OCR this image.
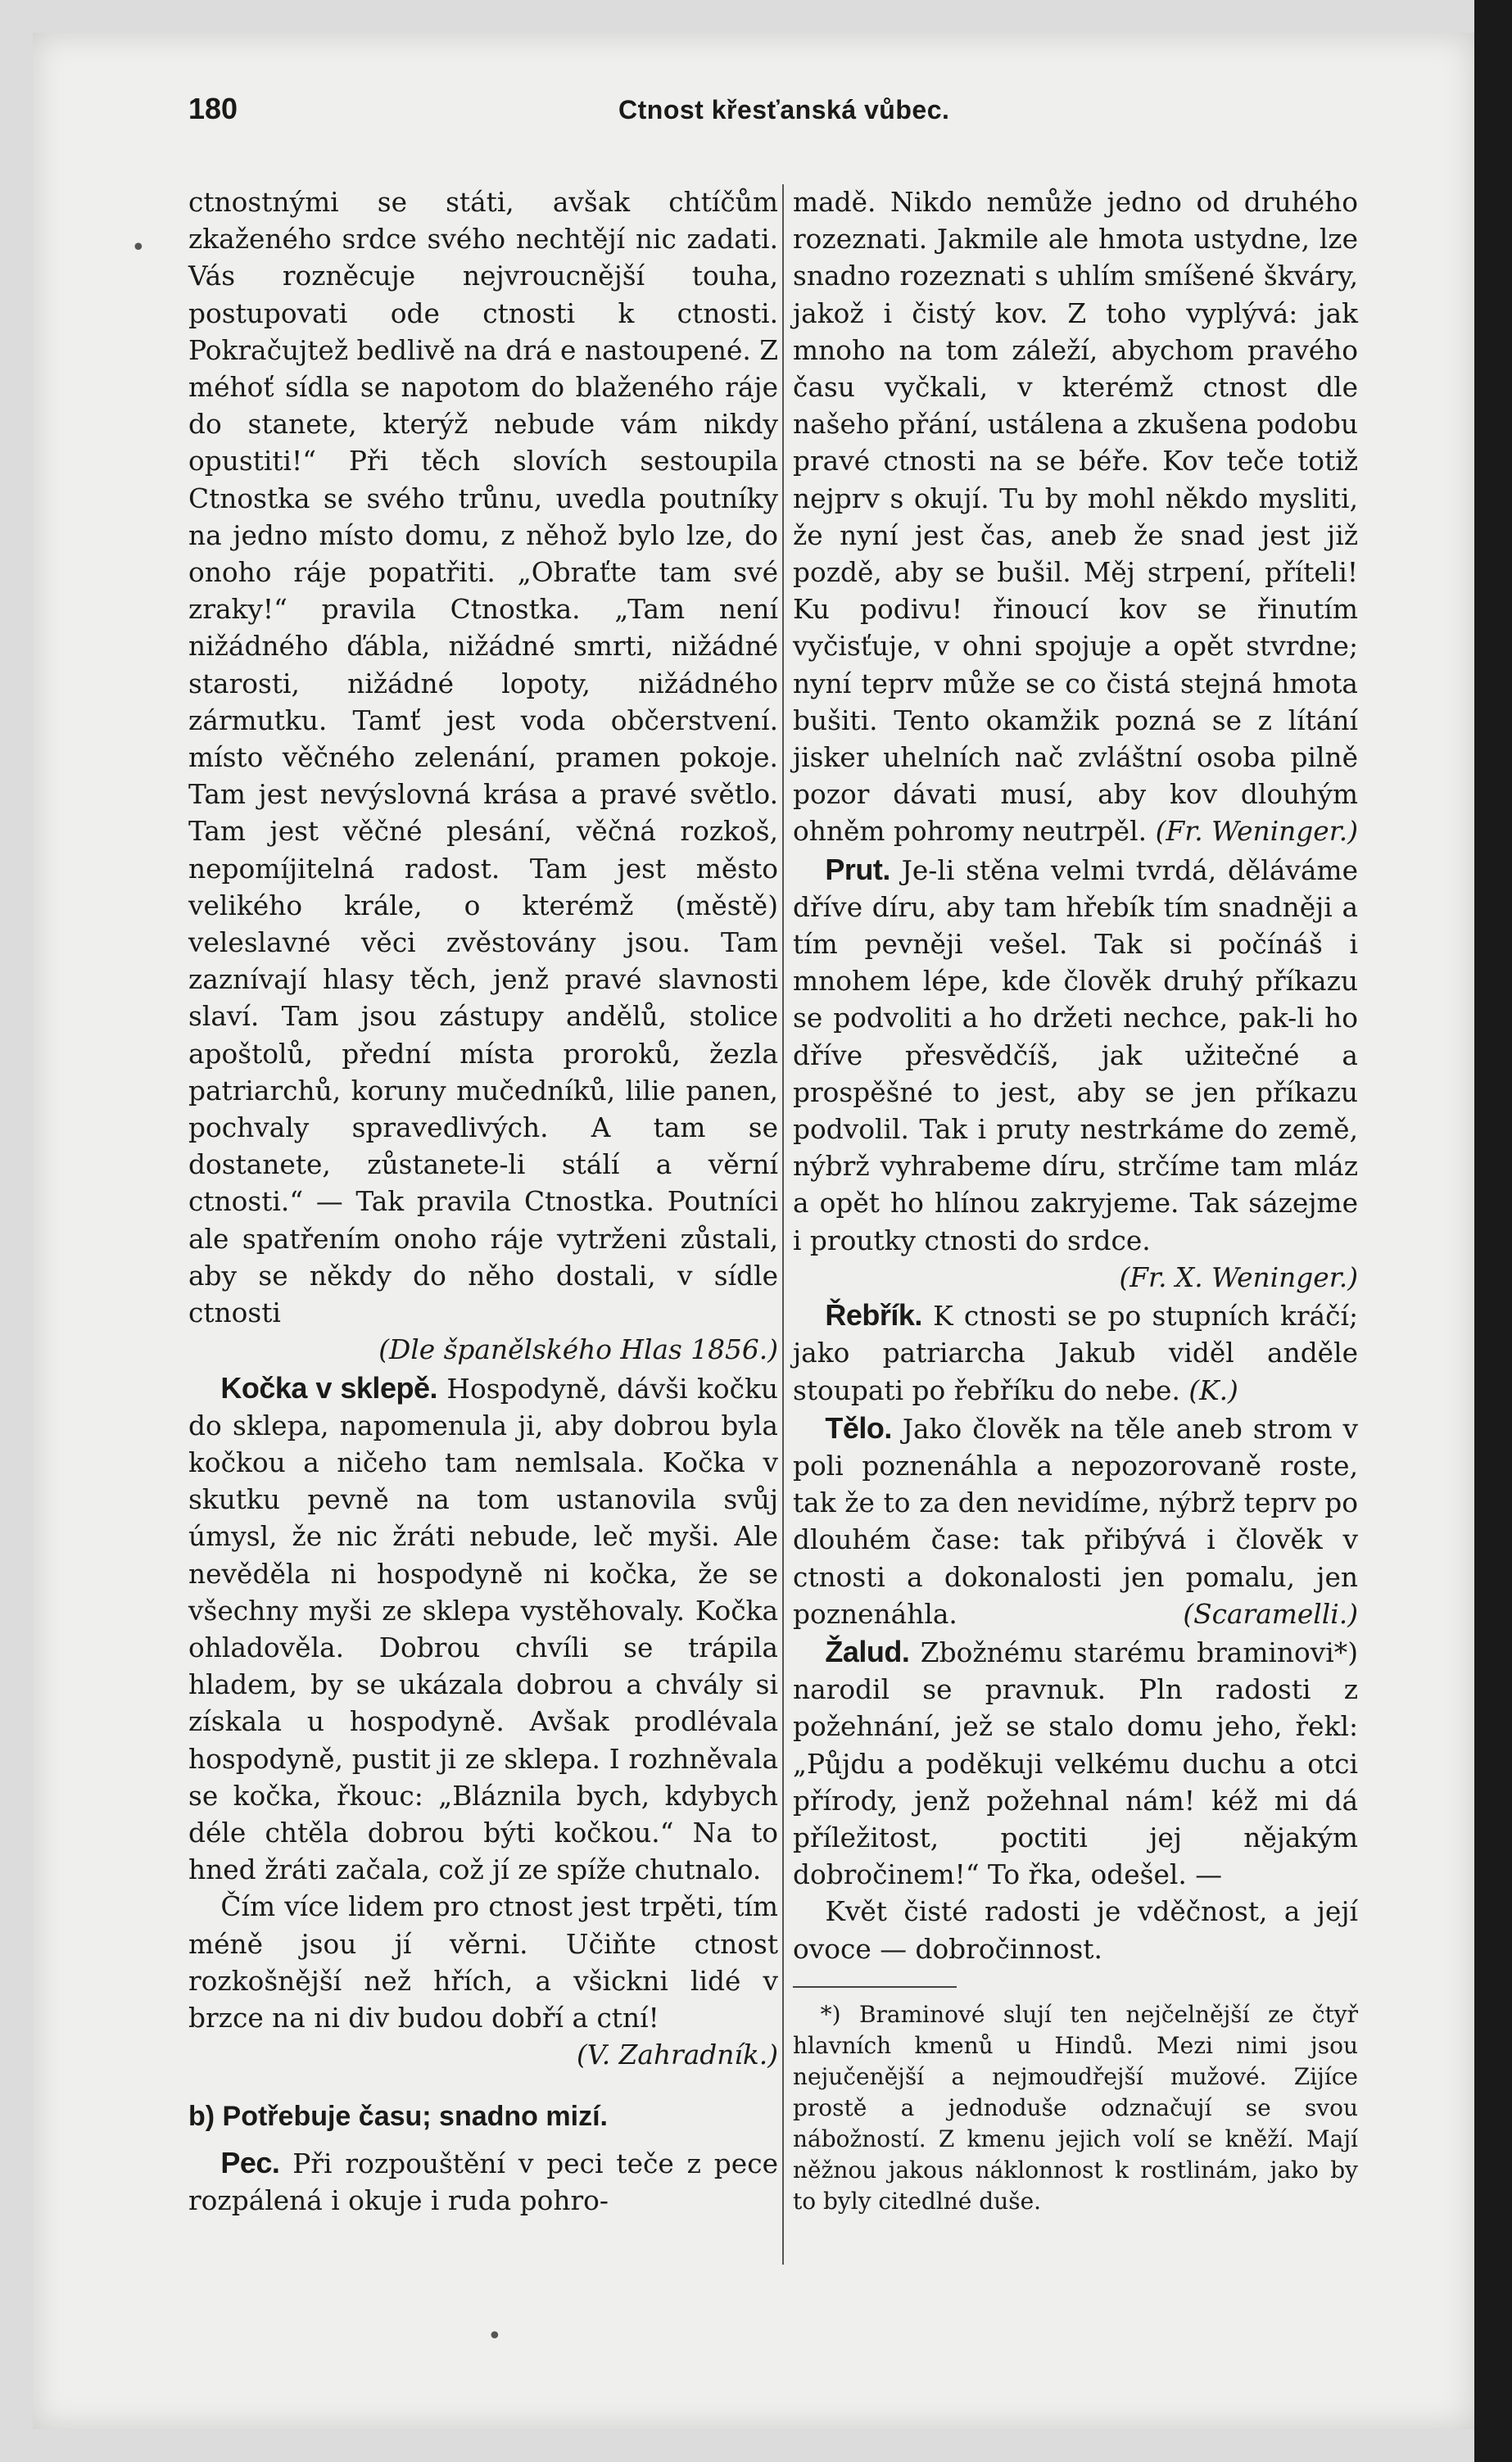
180	Ctnost křesťanská vůbec.

ctnostnými se státi, avšak chtíčům zkaženého srdce svého nechtějí nic zadati. Vás rozněcuje nejvroucnější touha, postupovati ode ctnosti k ctnosti. Pokračujtež bedlivě na drá e nastoupené. Z méhoť sídla se napotom do blaženého ráje do stanete, kterýž nebude vám nikdy opustiti!“ Při těch slovích sestoupila Ctnostka se svého trůnu, uvedla poutníky na jedno místo domu, z něhož bylo lze, do onoho ráje popatřiti. „Obraťte tam své zraky!“ pravila Ctnostka. „Tam není nižádného ďábla, nižádné smrti, nižádné starosti, nižádné lopoty, nižádného zármutku. Tamť jest voda občerstvení. místo věčného zelenání, pramen pokoje. Tam jest nevýslovná krása a pravé světlo. Tam jest věčné plesání, věčná rozkoš, nepomíjitelná radost. Tam jest město velikého krále, o kterémž (městě) veleslavné věci zvěstovány jsou. Tam zaznívají hlasy těch, jenž pravé slavnosti slaví. Tam jsou zástupy andělů, stolice apoštolů, přední místa proroků, žezla patriarchů, koruny mučedníků, lilie panen, pochvaly spravedlivých. A tam se dostanete, zůstanete-li stálí a věrní ctnosti.“ — Tak pravila Ctnostka. Poutníci ale spatřením onoho ráje vytrženi zůstali, aby se někdy do něho dostali, v sídle ctnosti

(Dle španělského Hlas 1856.)

Kočka v sklepě. Hospodyně, dávši kočku do sklepa, napomenula ji, aby dobrou byla kočkou a ničeho tam nemlsala. Kočka v skutku pevně na tom ustanovila svůj úmysl, že nic žráti nebude, leč myši. Ale nevěděla ni hospodyně ni kočka, že se všechny myši ze sklepa vystěhovaly. Kočka ohladověla. Dobrou chvíli se trápila hladem, by se ukázala dobrou a chvály si získala u hospodyně. Avšak prodlévala hospodyně, pustit ji ze sklepa. I rozhněvala se kočka, řkouc: „Bláznila bych, kdybych déle chtěla dobrou býti kočkou.“ Na to hned žráti začala, což jí ze spíže chutnalo.

Čím více lidem pro ctnost jest trpěti, tím méně jsou jí věrni. Učiňte ctnost rozkošnější než hřích, a všickni lidé v brzce na ni div budou dobří a ctní!

(V. Zahradník.)

b) Potřebuje času; snadno mizí.

Pec. Při rozpouštění v peci teče z pece rozpálená i okuje i ruda pohro-

madě. Nikdo nemůže jedno od druhého rozeznati. Jakmile ale hmota ustydne, lze snadno rozeznati s uhlím smíšené škváry, jakož i čistý kov. Z toho vyplývá: jak mnoho na tom záleží, abychom pravého času vyčkali, v kterémž ctnost dle našeho přání, ustálena a zkušena podobu pravé ctnosti na se béře. Kov teče totiž nejprv s okují. Tu by mohl někdo mysliti, že nyní jest čas, aneb že snad jest již pozdě, aby se bušil. Měj strpení, příteli! Ku podivu! řinoucí kov se řinutím vyčisťuje, v ohni spojuje a opět stvrdne; nyní teprv může se co čistá stejná hmota bušiti. Tento okamžik pozná se z lítání jisker uhelních nač zvláštní osoba pilně pozor dávati musí, aby kov dlouhým ohněm pohromy neutrpěl. (Fr. Weninger.)

Prut. Je-li stěna velmi tvrdá, děláváme dříve díru, aby tam hřebík tím snadněji a tím pevněji vešel. Tak si počínáš i mnohem lépe, kde člověk druhý příkazu se podvoliti a ho držeti nechce, pak-li ho dříve přesvědčíš, jak užitečné a prospěšné to jest, aby se jen příkazu podvolil. Tak i pruty nestrkáme do země, nýbrž vyhrabeme díru, strčíme tam mláz a opět ho hlínou zakryjeme. Tak sázejme i proutky ctnosti do srdce.

(Fr. X. Weninger.)

Řebřík. K ctnosti se po stupních kráčí; jako patriarcha Jakub viděl anděle stoupati po řebříku do nebe. (K.)

Tělo. Jako člověk na těle aneb strom v poli poznenáhla a nepozorovaně roste, tak že to za den nevidíme, nýbrž teprv po dlouhém čase: tak přibývá i člověk v ctnosti a dokonalosti jen pomalu, jen poznenáhla.	(Scaramelli.)

Žalud. Zbožnému starému braminovi*) narodil se pravnuk. Pln radosti z požehnání, jež se stalo domu jeho, řekl: „Půjdu a poděkuji velkému duchu a otci přírody, jenž požehnal nám! kéž mi dá příležitost, poctiti jej nějakým dobročinem!“ To řka, odešel. —

Květ čisté radosti je vděčnost, a její ovoce — dobročinnost.

*) Braminové slují ten nejčelnější ze čtyř hlavních kmenů u Hindů. Mezi nimi jsou nejučenější a nejmoudřejší mužové. Zijíce prostě a jednoduše odznačují se svou nábožností. Z kmenu jejich volí se kněží. Mají něžnou jakous náklonnost k rostlinám, jako by to byly citedlné duše.

•
•
